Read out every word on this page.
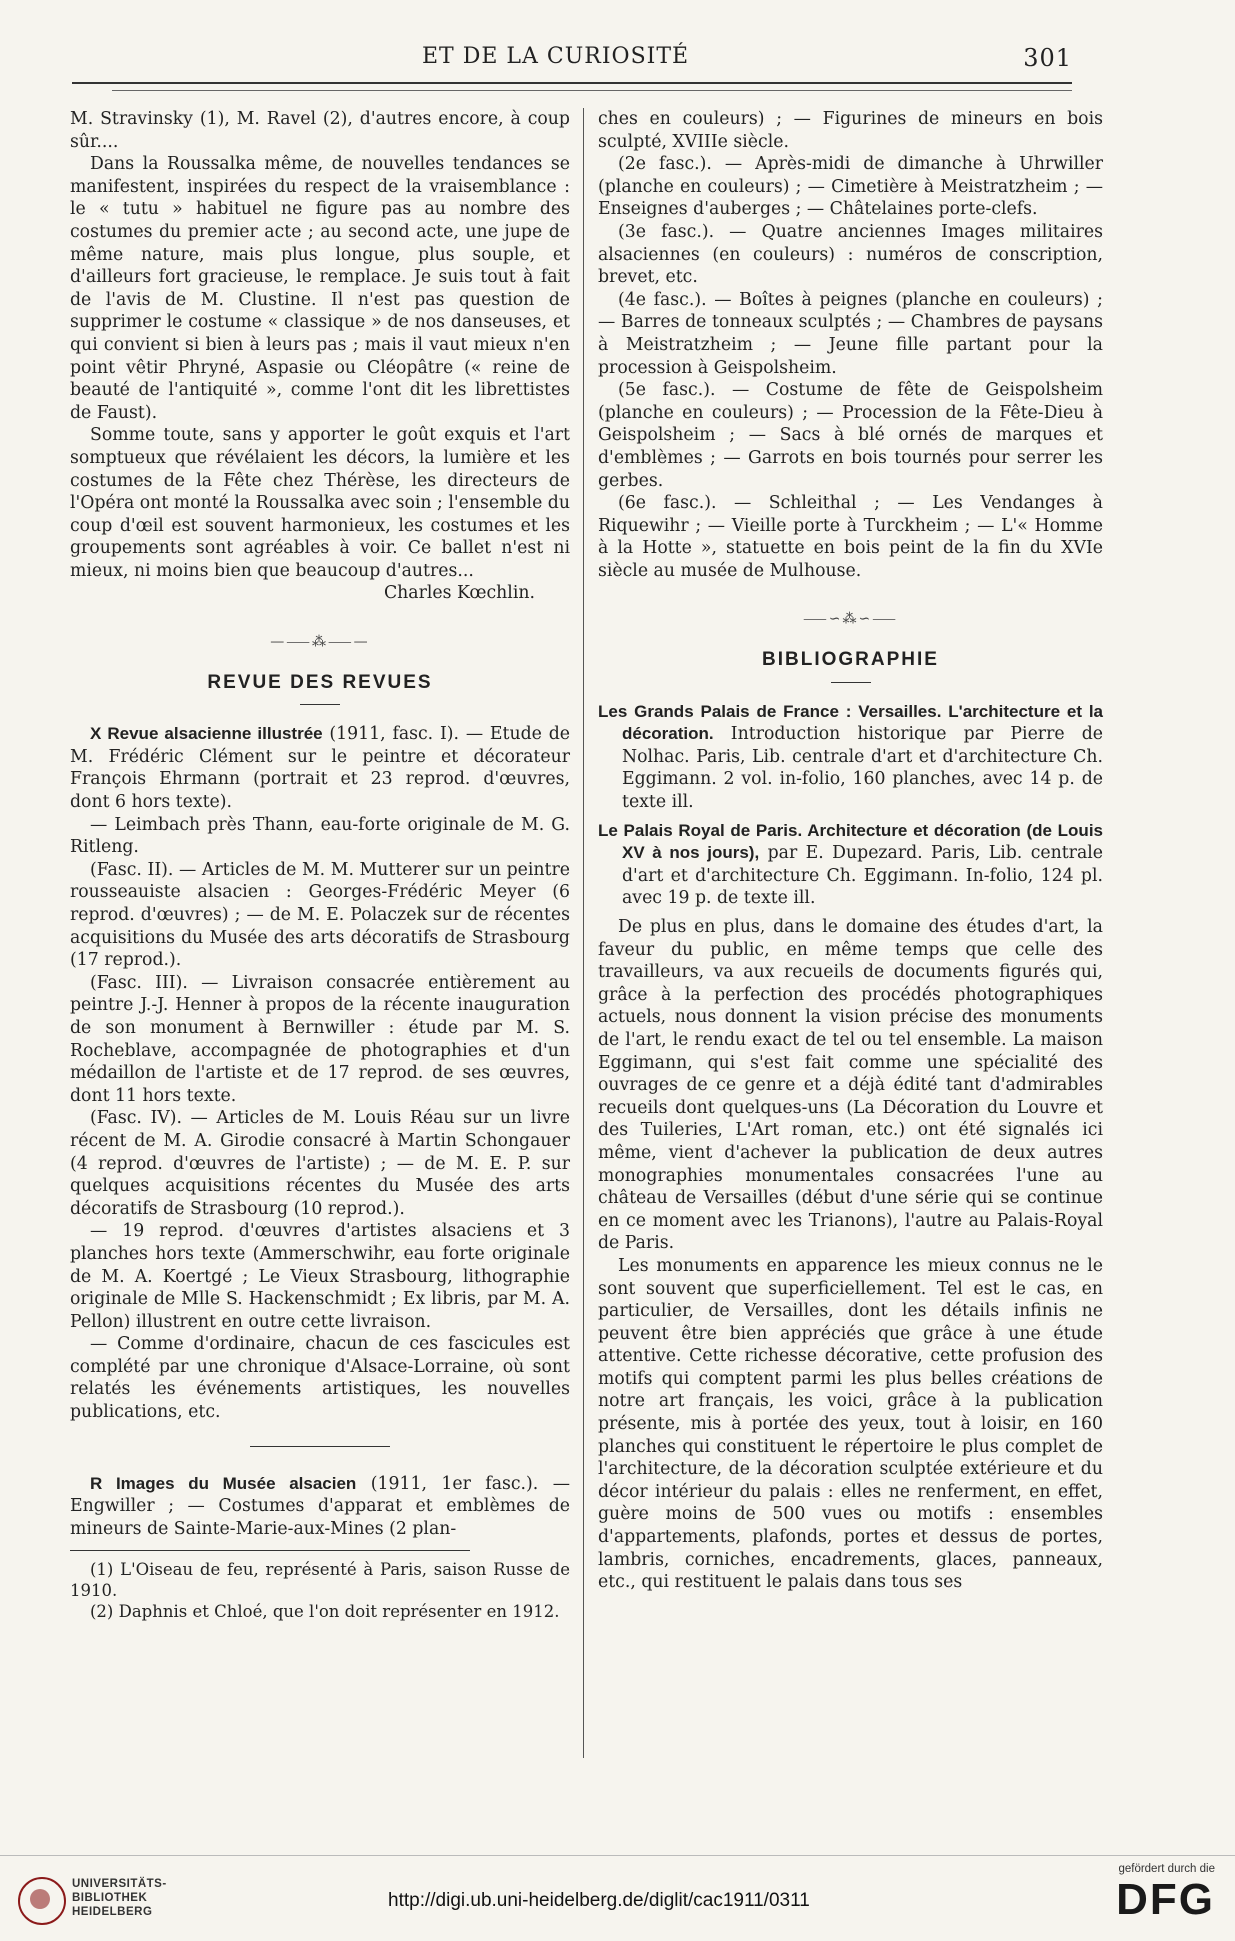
ET DE LA CURIOSITÉ	301

M. Stravinsky (1), M. Ravel (2), d'autres encore, à coup sûr....

Dans la Roussalka même, de nouvelles tendances se manifestent, inspirées du respect de la vraisemblance : le « tutu » habituel ne figure pas au nombre des costumes du premier acte ; au second acte, une jupe de même nature, mais plus longue, plus souple, et d'ailleurs fort gracieuse, le remplace. Je suis tout à fait de l'avis de M. Clustine. Il n'est pas question de supprimer le costume « classique » de nos danseuses, et qui convient si bien à leurs pas ; mais il vaut mieux n'en point vêtir Phryné, Aspasie ou Cléopâtre (« reine de beauté de l'antiquité », comme l'ont dit les librettistes de Faust).

Somme toute, sans y apporter le goût exquis et l'art somptueux que révélaient les décors, la lumière et les costumes de la Fête chez Thérèse, les directeurs de l'Opéra ont monté la Roussalka avec soin ; l'ensemble du coup d'œil est souvent harmonieux, les costumes et les groupements sont agréables à voir. Ce ballet n'est ni mieux, ni moins bien que beaucoup d'autres...

Charles Kœchlin.

—⸺⁂⸺—
REVUE DES REVUES

X Revue alsacienne illustrée (1911, fasc. I). — Etude de M. Frédéric Clément sur le peintre et décorateur François Ehrmann (portrait et 23 reprod. d'œuvres, dont 6 hors texte).

— Leimbach près Thann, eau-forte originale de M. G. Ritleng.

(Fasc. II). — Articles de M. M. Mutterer sur un peintre rousseauiste alsacien : Georges-Frédéric Meyer (6 reprod. d'œuvres) ; — de M. E. Polaczek sur de récentes acquisitions du Musée des arts décoratifs de Strasbourg (17 reprod.).

(Fasc. III). — Livraison consacrée entièrement au peintre J.-J. Henner à propos de la récente inauguration de son monument à Bernwiller : étude par M. S. Rocheblave, accompagnée de photographies et d'un médaillon de l'artiste et de 17 reprod. de ses œuvres, dont 11 hors texte.

(Fasc. IV). — Articles de M. Louis Réau sur un livre récent de M. A. Girodie consacré à Martin Schongauer (4 reprod. d'œuvres de l'artiste) ; — de M. E. P. sur quelques acquisitions récentes du Musée des arts décoratifs de Strasbourg (10 reprod.).

— 19 reprod. d'œuvres d'artistes alsaciens et 3 planches hors texte (Ammerschwihr, eau forte originale de M. A. Koertgé ; Le Vieux Strasbourg, lithographie originale de Mlle S. Hackenschmidt ; Ex libris, par M. A. Pellon) illustrent en outre cette livraison.

— Comme d'ordinaire, chacun de ces fascicules est complété par une chronique d'Alsace-Lorraine, où sont relatés les événements artistiques, les nouvelles publications, etc.

R Images du Musée alsacien (1911, 1er fasc.). — Engwiller ; — Costumes d'apparat et emblèmes de mineurs de Sainte-Marie-aux-Mines (2 plan-

(1) L'Oiseau de feu, représenté à Paris, saison Russe de 1910.

(2) Daphnis et Chloé, que l'on doit représenter en 1912.

ches en couleurs) ; — Figurines de mineurs en bois sculpté, XVIIIe siècle.

(2e fasc.). — Après-midi de dimanche à Uhrwiller (planche en couleurs) ; — Cimetière à Meistratzheim ; — Enseignes d'auberges ; — Châtelaines porte-clefs.

(3e fasc.). — Quatre anciennes Images militaires alsaciennes (en couleurs) : numéros de conscription, brevet, etc.

(4e fasc.). — Boîtes à peignes (planche en couleurs) ; — Barres de tonneaux sculptés ; — Chambres de paysans à Meistratzheim ; — Jeune fille partant pour la procession à Geispolsheim.

(5e fasc.). — Costume de fête de Geispolsheim (planche en couleurs) ; — Procession de la Fête-Dieu à Geispolsheim ; — Sacs à blé ornés de marques et d'emblèmes ; — Garrots en bois tournés pour serrer les gerbes.

(6e fasc.). — Schleithal ; — Les Vendanges à Riquewihr ; — Vieille porte à Turckheim ; — L'« Homme à la Hotte », statuette en bois peint de la fin du XVIe siècle au musée de Mulhouse.

⸺∽⁂∽⸺
BIBLIOGRAPHIE

Les Grands Palais de France : Versailles. L'architecture et la décoration. Introduction historique par Pierre de Nolhac. Paris, Lib. centrale d'art et d'architecture Ch. Eggimann. 2 vol. in-folio, 160 planches, avec 14 p. de texte ill.

Le Palais Royal de Paris. Architecture et décoration (de Louis XV à nos jours), par E. Dupezard. Paris, Lib. centrale d'art et d'architecture Ch. Eggimann. In-folio, 124 pl. avec 19 p. de texte ill.

De plus en plus, dans le domaine des études d'art, la faveur du public, en même temps que celle des travailleurs, va aux recueils de documents figurés qui, grâce à la perfection des procédés photographiques actuels, nous donnent la vision précise des monuments de l'art, le rendu exact de tel ou tel ensemble. La maison Eggimann, qui s'est fait comme une spécialité des ouvrages de ce genre et a déjà édité tant d'admirables recueils dont quelques-uns (La Décoration du Louvre et des Tuileries, L'Art roman, etc.) ont été signalés ici même, vient d'achever la publication de deux autres monographies monumentales consacrées l'une au château de Versailles (début d'une série qui se continue en ce moment avec les Trianons), l'autre au Palais-Royal de Paris.

Les monuments en apparence les mieux connus ne le sont souvent que superficiellement. Tel est le cas, en particulier, de Versailles, dont les détails infinis ne peuvent être bien appréciés que grâce à une étude attentive. Cette richesse décorative, cette profusion des motifs qui comptent parmi les plus belles créations de notre art français, les voici, grâce à la publication présente, mis à portée des yeux, tout à loisir, en 160 planches qui constituent le répertoire le plus complet de l'architecture, de la décoration sculptée extérieure et du décor intérieur du palais : elles ne renferment, en effet, guère moins de 500 vues ou motifs : ensembles d'appartements, plafonds, portes et dessus de portes, lambris, corniches, encadrements, glaces, panneaux, etc., qui restituent le palais dans tous ses

UNIVERSITÄTS-
BIBLIOTHEK
HEIDELBERG
http://digi.ub.uni-heidelberg.de/diglit/cac1911/0311
gefördert durch die
DFG
